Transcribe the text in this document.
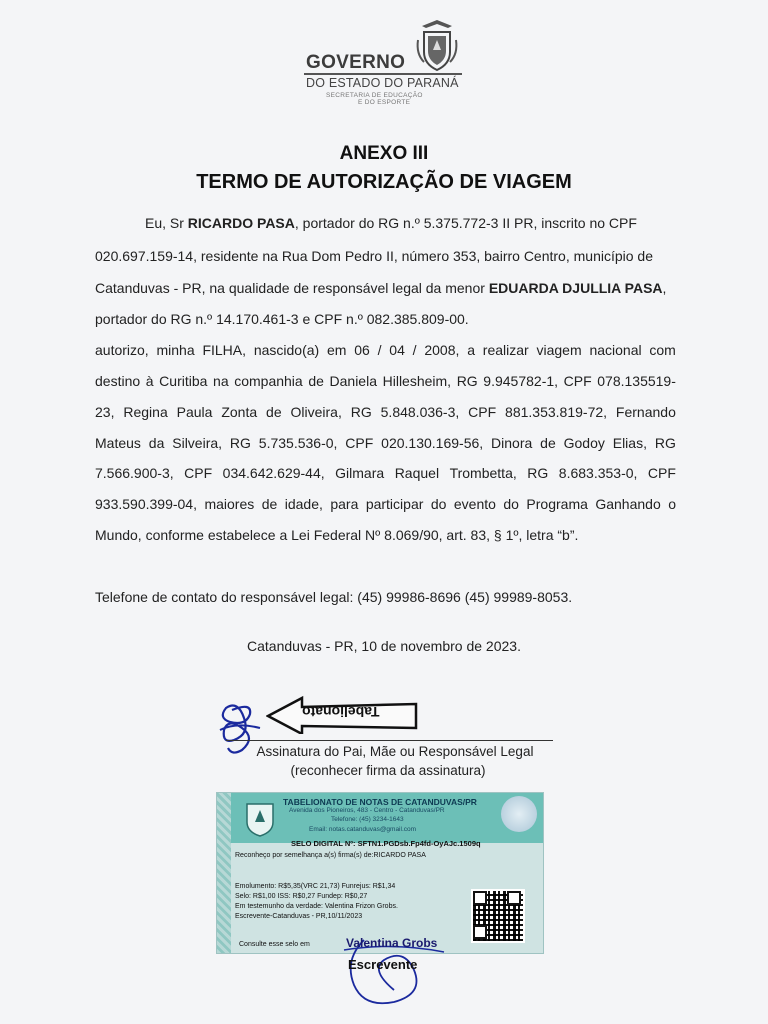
GOVERNO
DO ESTADO DO PARANÁ
SECRETARIA DE EDUCAÇÃO
E DO ESPORTE
ANEXO III
TERMO DE AUTORIZAÇÃO DE VIAGEM
Eu, Sr RICARDO PASA, portador do RG n.º 5.375.772-3 II PR, inscrito no CPF
020.697.159-14, residente na Rua Dom Pedro II, número 353, bairro Centro, município de
Catanduvas - PR, na qualidade de responsável legal da menor EDUARDA DJULLIA PASA,
portador do RG n.º 14.170.461-3 e CPF n.º 082.385.809-00.
autorizo, minha FILHA, nascido(a) em 06 / 04 / 2008, a realizar viagem nacional com
destino à Curitiba na companhia de Daniela Hillesheim, RG 9.945782-1, CPF 078.135519-
23, Regina Paula Zonta de Oliveira, RG 5.848.036-3, CPF 881.353.819-72, Fernando
Mateus da Silveira, RG 5.735.536-0, CPF 020.130.169-56, Dinora de Godoy Elias, RG
7.566.900-3, CPF 034.642.629-44, Gilmara Raquel Trombetta, RG 8.683.353-0, CPF
933.590.399-04, maiores de idade, para participar do evento do Programa Ganhando o
Mundo, conforme estabelece a Lei Federal Nº 8.069/90, art. 83, § 1º, letra “b”.
Telefone de contato do responsável legal: (45) 99986-8696 (45) 99989-8053.
Catanduvas - PR, 10 de novembro de 2023.
Tabelionato
Assinatura do Pai, Mãe ou Responsável Legal
(reconhecer firma da assinatura)
TABELIONATO DE NOTAS DE CATANDUVAS/PR
Avenida dos Pioneiros, 483 - Centro - Catanduvas/PR
Telefone: (45) 3234-1643
Email: notas.catanduvas@gmail.com
SELO DIGITAL Nº: SFTN1.PGDsb.Fp4fd-OyAJc.1509q
Reconheço por semelhança a(s) firma(s) de:RICARDO PASA
Emolumento: R$5,35(VRC 21,73) Funrejus: R$1,34
Selo: R$1,00 ISS: R$0,27 Fundep: R$0,27
Em testemunho da verdade: Valentina Frizon Grobs.
Escrevente-Catanduvas - PR,10/11/2023
Consulte esse selo em	Valentina Grobs
Escrevente
